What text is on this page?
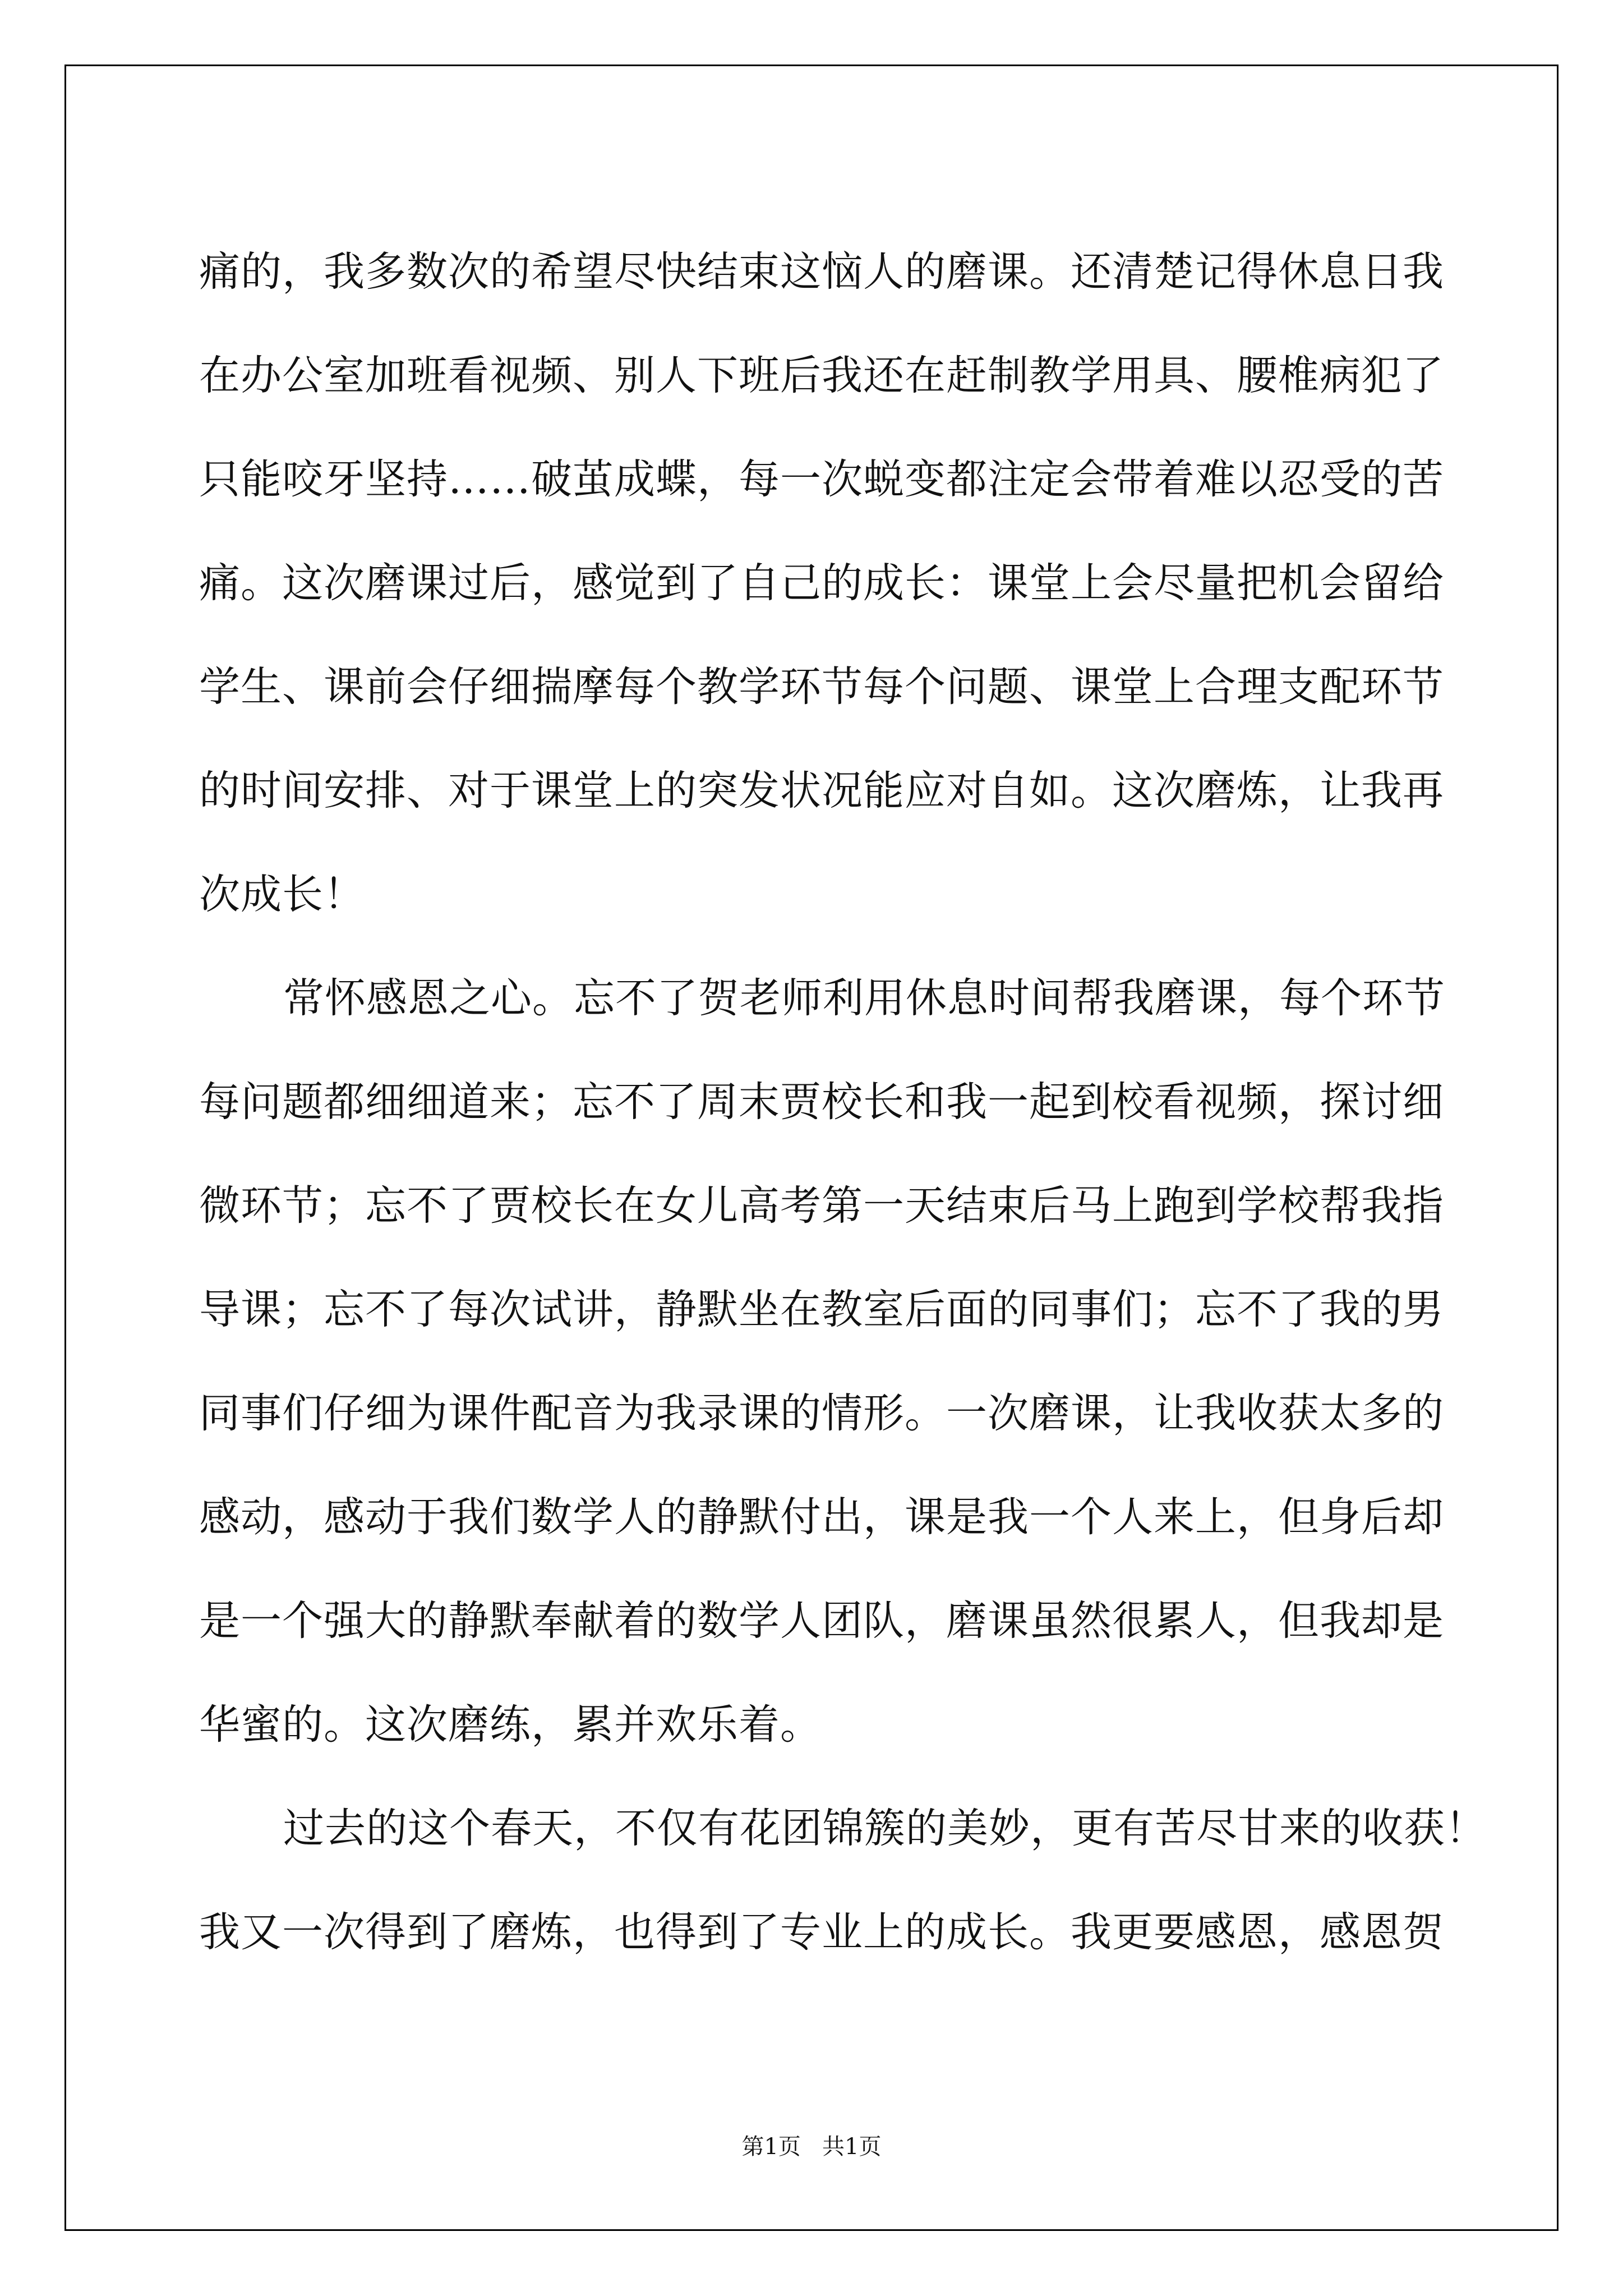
痛的，我多数次的希望尽快结束这恼人的磨课。还清楚记得休息日我
在办公室加班看视频、别人下班后我还在赶制教学用具、腰椎病犯了
只能咬牙坚持……破茧成蝶，每一次蜕变都注定会带着难以忍受的苦
痛。这次磨课过后，感觉到了自己的成长：课堂上会尽量把机会留给
学生、课前会仔细揣摩每个教学环节每个问题、课堂上合理支配环节
的时间安排、对于课堂上的突发状况能应对自如。这次磨炼，让我再
次成长！
常怀感恩之心。忘不了贺老师利用休息时间帮我磨课，每个环节
每问题都细细道来；忘不了周末贾校长和我一起到校看视频，探讨细
微环节；忘不了贾校长在女儿高考第一天结束后马上跑到学校帮我指
导课；忘不了每次试讲，静默坐在教室后面的同事们；忘不了我的男
同事们仔细为课件配音为我录课的情形。一次磨课，让我收获太多的
感动，感动于我们数学人的静默付出，课是我一个人来上，但身后却
是一个强大的静默奉献着的数学人团队，磨课虽然很累人，但我却是
华蜜的。这次磨练，累并欢乐着。
过去的这个春天，不仅有花团锦簇的美妙，更有苦尽甘来的收获！
我又一次得到了磨炼，也得到了专业上的成长。我更要感恩，感恩贺
第1页   共1页
